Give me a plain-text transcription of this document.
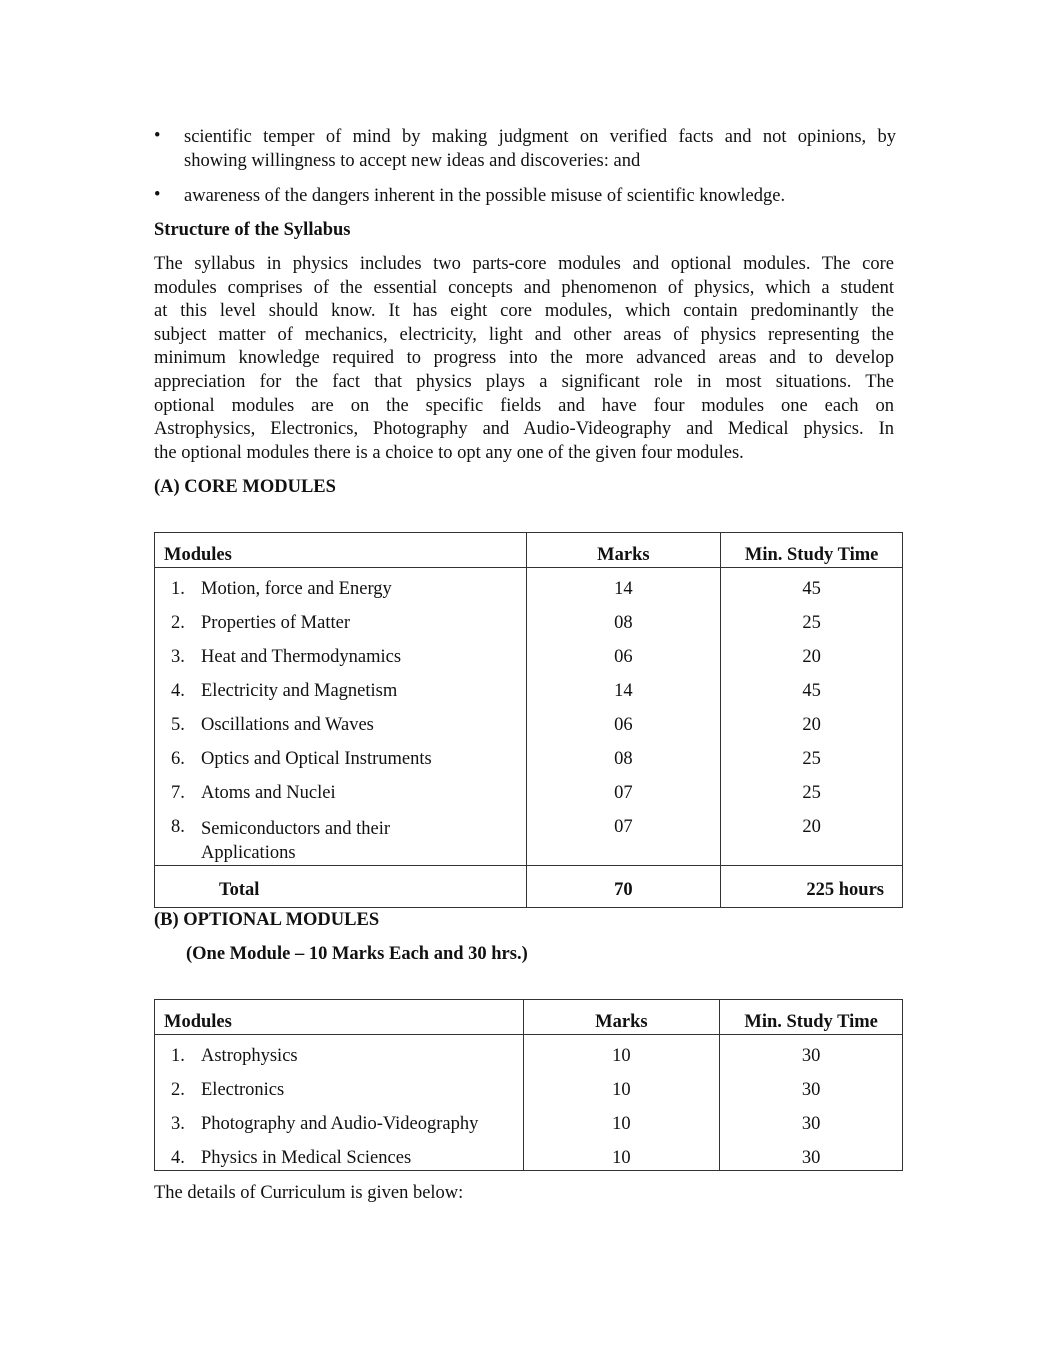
• scientific temper of mind by making judgment on verified facts and not opinions, by
showing willingness to accept new ideas and discoveries: and
• awareness of the dangers inherent in the possible misuse of scientific knowledge.
Structure of the Syllabus
The syllabus in physics includes two parts-core modules and optional modules. The core
modules comprises of the essential concepts and phenomenon of physics, which a student
at this level should know. It has eight core modules, which contain predominantly the
subject matter of mechanics, electricity, light and other areas of physics representing the
minimum knowledge required to progress into the more advanced areas and to develop
appreciation for the fact that physics plays a significant role in most situations. The
optional modules are on the specific fields and have four modules one each on
Astrophysics, Electronics, Photography and Audio-Videography and Medical physics. In
the optional modules there is a choice to opt any one of the given four modules.
(A) CORE MODULES
Modules	Marks	Min. Study Time
1. Motion, force and Energy	14	45
2. Properties of Matter	08	25
3. Heat and Thermodynamics	06	20
4. Electricity and Magnetism	14	45
5. Oscillations and Waves	06	20
6. Optics and Optical Instruments	08	25
7. Atoms and Nuclei	07	25
8. Semiconductors and their
Applications	07	20
Total	70	225 hours
(B) OPTIONAL MODULES
(One Module – 10 Marks Each and 30 hrs.)
Modules	Marks	Min. Study Time
1. Astrophysics	10	30
2. Electronics	10	30
3. Photography and Audio-Videography	10	30
4. Physics in Medical Sciences	10	30
The details of Curriculum is given below:
